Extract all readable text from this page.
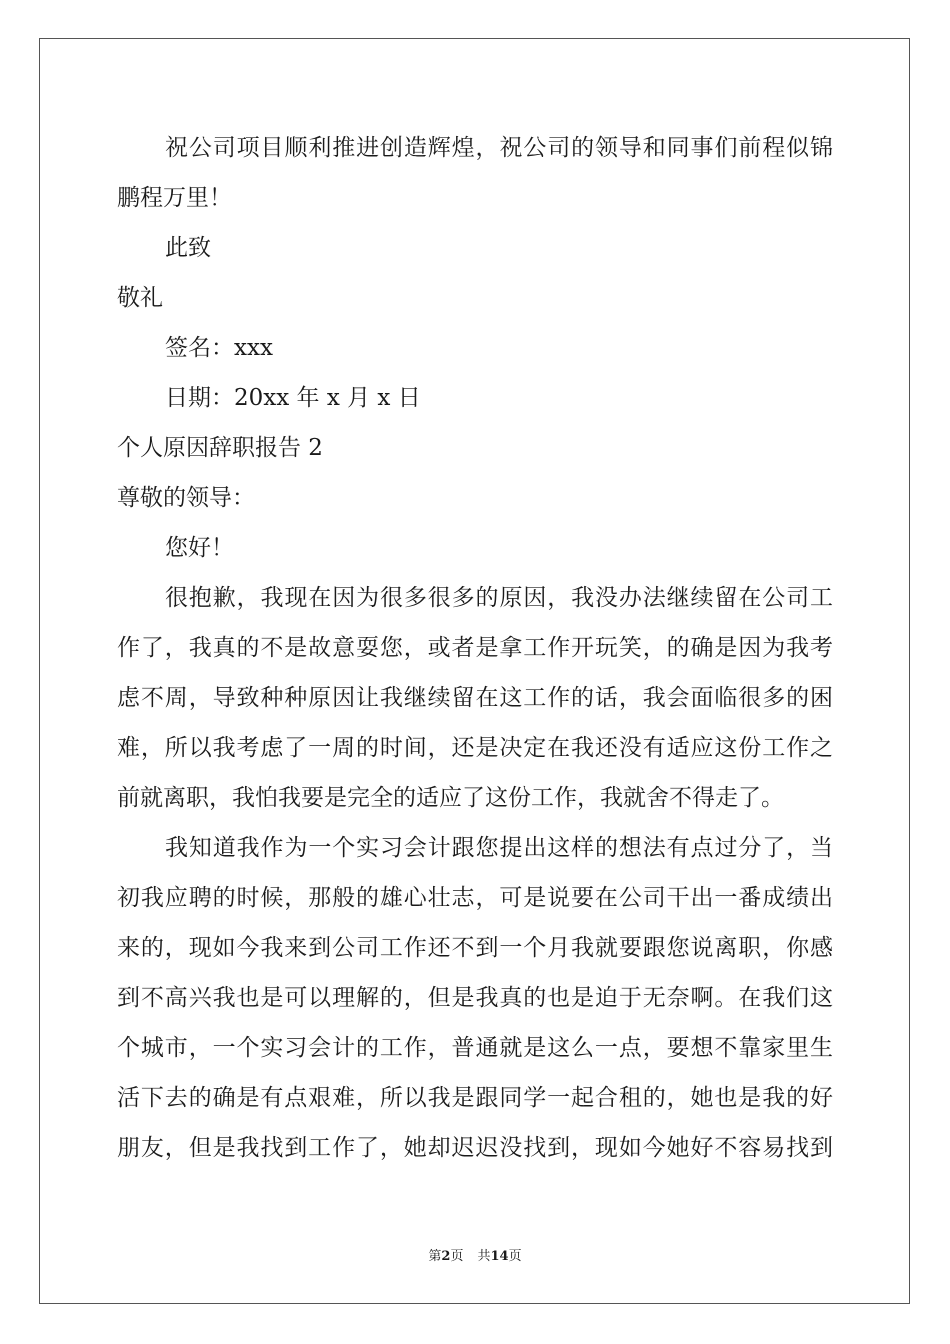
祝公司项目顺利推进创造辉煌，祝公司的领导和同事们前程似锦
鹏程万里！
此致
敬礼
签名：xxx
日期：20xx 年 x 月 x 日
个人原因辞职报告 2
尊敬的领导：
您好！
很抱歉，我现在因为很多很多的原因，我没办法继续留在公司工
作了，我真的不是故意耍您，或者是拿工作开玩笑，的确是因为我考
虑不周，导致种种原因让我继续留在这工作的话，我会面临很多的困
难，所以我考虑了一周的时间，还是决定在我还没有适应这份工作之
前就离职，我怕我要是完全的适应了这份工作，我就舍不得走了。
我知道我作为一个实习会计跟您提出这样的想法有点过分了，当
初我应聘的时候，那般的雄心壮志，可是说要在公司干出一番成绩出
来的，现如今我来到公司工作还不到一个月我就要跟您说离职，你感
到不高兴我也是可以理解的，但是我真的也是迫于无奈啊。在我们这
个城市，一个实习会计的工作，普通就是这么一点，要想不靠家里生
活下去的确是有点艰难，所以我是跟同学一起合租的，她也是我的好
朋友，但是我找到工作了，她却迟迟没找到，现如今她好不容易找到
第2页 共14页
